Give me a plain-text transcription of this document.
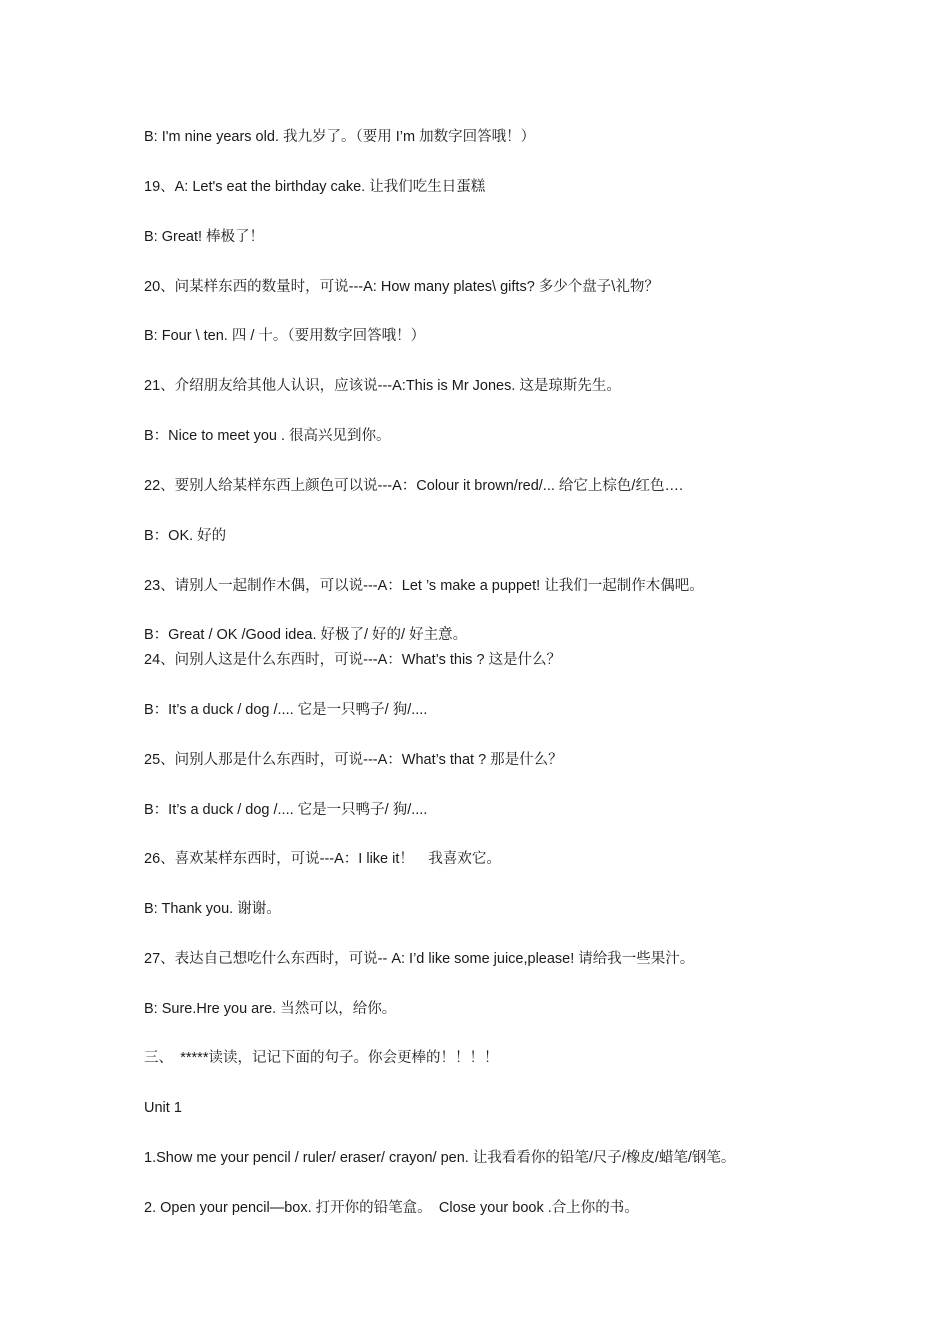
B: I'm nine years old. 我九岁了。（要用 I’m 加数字回答哦！）
19、A: Let's eat the birthday cake. 让我们吃生日蛋糕
B: Great! 棒极了！
20、问某样东西的数量时，可说---A: How many plates\ gifts? 多少个盘子\礼物？
B: Four \ ten. 四 / 十。（要用数字回答哦！）
21、介绍朋友给其他人认识，应该说---A:This is Mr Jones. 这是琼斯先生。
B：Nice to meet you . 很高兴见到你。
22、要别人给某样东西上颜色可以说---A：Colour it brown/red/... 给它上棕色/红色….
B：OK. 好的
23、请别人一起制作木偶，可以说---A：Let ’s make a puppet! 让我们一起制作木偶吧。
B：Great / OK /Good idea. 好极了/ 好的/ 好主意。
24、问别人这是什么东西时，可说---A：What’s this ? 这是什么？
B：It’s a duck / dog /.... 它是一只鸭子/ 狗/....
25、问别人那是什么东西时，可说---A：What’s that ? 那是什么？
B：It’s a duck / dog /.... 它是一只鸭子/ 狗/....
26、喜欢某样东西时，可说---A：I like it！　我喜欢它。
B: Thank you. 谢谢。
27、表达自己想吃什么东西时，可说-- A: I’d like some juice,please! 请给我一些果汁。
B: Sure.Hre you are. 当然可以，给你。
三、　*****读读，记记下面的句子。你会更棒的！！！！
Unit 1
1.Show me your pencil / ruler/ eraser/ crayon/ pen. 让我看看你的铅笔/尺子/橡皮/蜡笔/钢笔。
2. Open your pencil—box. 打开你的铅笔盒。　Close your book .合上你的书。
